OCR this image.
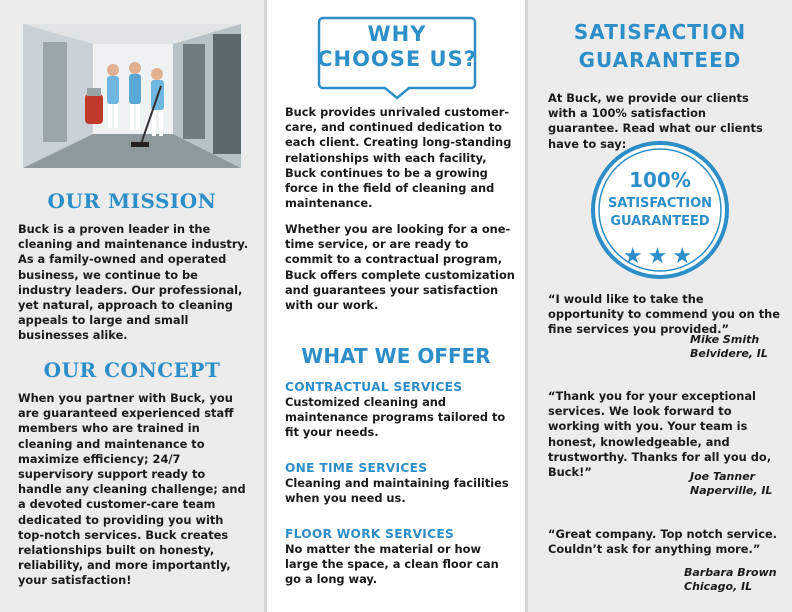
OUR MISSION
Buck is a proven leader in the cleaning and maintenance industry. As a family-owned and operated business, we continue to be industry leaders. Our professional, yet natural, approach to cleaning appeals to large and small businesses alike.
OUR CONCEPT
When you partner with Buck, you are guaranteed experienced staff members who are trained in cleaning and maintenance to maximize efficiency; 24/7 supervisory support ready to handle any cleaning challenge; and a devoted customer-care team dedicated to providing you with top-notch services. Buck creates relationships built on honesty, reliability, and more importantly, your satisfaction!
WHY
CHOOSE US?
Buck provides unrivaled customer-care, and continued dedication to each client. Creating long-standing relationships with each facility, Buck continues to be a growing force in the field of cleaning and maintenance.
Whether you are looking for a one-time service, or are ready to commit to a contractual program, Buck offers complete customization and guarantees your satisfaction with our work.
WHAT WE OFFER
CONTRACTUAL SERVICES
Customized cleaning and maintenance programs tailored to fit your needs.
ONE TIME SERVICES
Cleaning and maintaining facilities when you need us.
FLOOR WORK SERVICES
No matter the material or how large the space, a clean floor can go a long way.
SATISFACTION
GUARANTEED
At Buck, we provide our clients with a 100% satisfaction guarantee. Read what our clients have to say:
100%
SATISFACTION
GUARANTEED
★★★
“I would like to take the opportunity to commend you on the fine services you provided.”
Mike Smith
Belvidere, IL
“Thank you for your exceptional services. We look forward to working with you. Your team is honest, knowledgeable, and trustworthy. Thanks for all you do, Buck!”	Joe Tanner
Naperville, IL
“Great company. Top notch service. Couldn’t ask for anything more.”
Barbara Brown
Chicago, IL
